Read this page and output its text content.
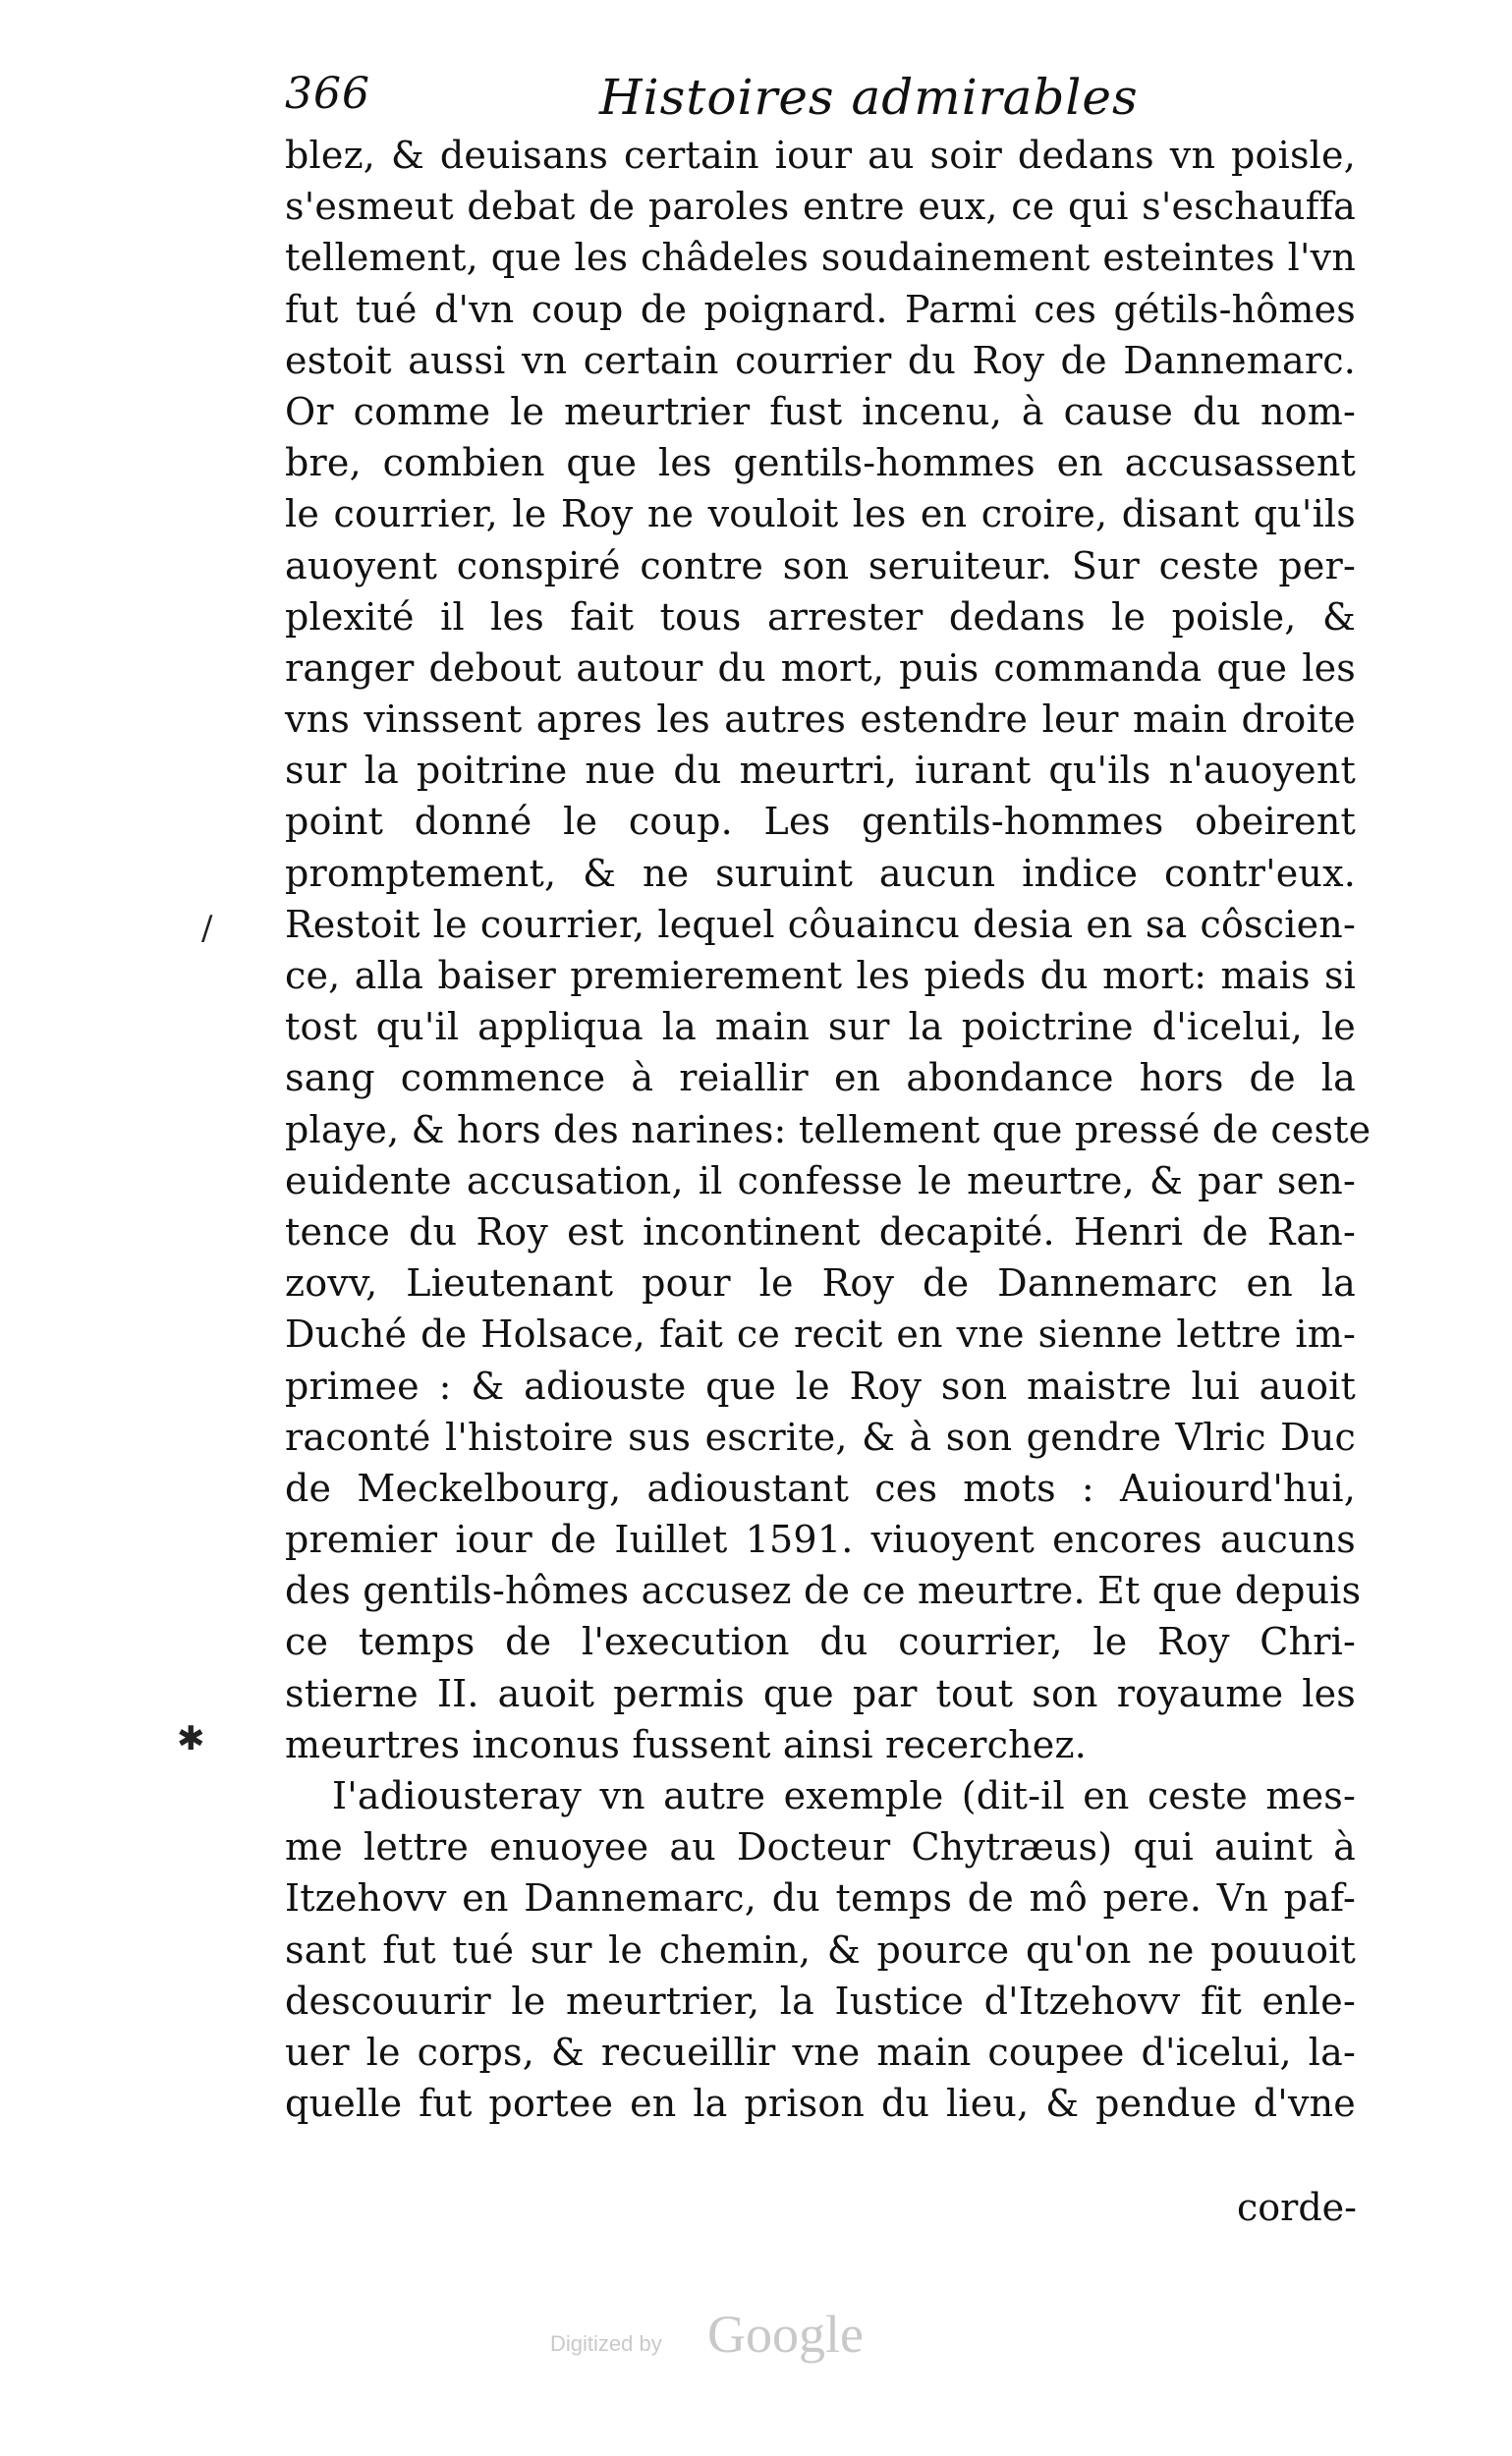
366	Histoires admirables
blez, & deuisans certain iour au soir dedans vn poisle,
s'esmeut debat de paroles entre eux, ce qui s'eschauffa
tellement, que les châdeles soudainement esteintes l'vn
fut tué d'vn coup de poignard. Parmi ces gétils-hômes
estoit aussi vn certain courrier du Roy de Dannemarc.
Or comme le meurtrier fust incenu, à cause du nom-
bre, combien que les gentils-hommes en accusassent
le courrier, le Roy ne vouloit les en croire, disant qu'ils
auoyent conspiré contre son seruiteur. Sur ceste per-
plexité il les fait tous arrester dedans le poisle, &
ranger debout autour du mort, puis commanda que les
vns vinssent apres les autres estendre leur main droite
sur la poitrine nue du meurtri, iurant qu'ils n'auoyent
point donné le coup. Les gentils-hommes obeirent
promptement, & ne suruint aucun indice contr'eux.
Restoit le courrier, lequel côuaincu desia en sa côscien-
ce, alla baiser premierement les pieds du mort: mais si
tost qu'il appliqua la main sur la poictrine d'icelui, le
sang commence à reiallir en abondance hors de la
playe, & hors des narines: tellement que pressé de ceste
euidente accusation, il confesse le meurtre, & par sen-
tence du Roy est incontinent decapité. Henri de Ran-
zovv, Lieutenant pour le Roy de Dannemarc en la
Duché de Holsace, fait ce recit en vne sienne lettre im-
primee : & adiouste que le Roy son maistre lui auoit
raconté l'histoire sus escrite, & à son gendre Vlric Duc
de Meckelbourg, adioustant ces mots : Auiourd'hui,
premier iour de Iuillet 1591. viuoyent encores aucuns
des gentils-hômes accusez de ce meurtre. Et que depuis
ce temps de l'execution du courrier, le Roy Chri-
stierne II. auoit permis que par tout son royaume les
meurtres inconus fussent ainsi recerchez.
I'adiousteray vn autre exemple (dit-il en ceste mes-
me lettre enuoyee au Docteur Chytræus) qui auint à
Itzehovv en Dannemarc, du temps de mô pere. Vn paf-
sant fut tué sur le chemin, & pource qu'on ne pouuoit
descouurir le meurtrier, la Iustice d'Itzehovv fit enle-
uer le corps, & recueillir vne main coupee d'icelui, la-
quelle fut portee en la prison du lieu, & pendue d'vne
corde-
/
✱
Digitized by Google
